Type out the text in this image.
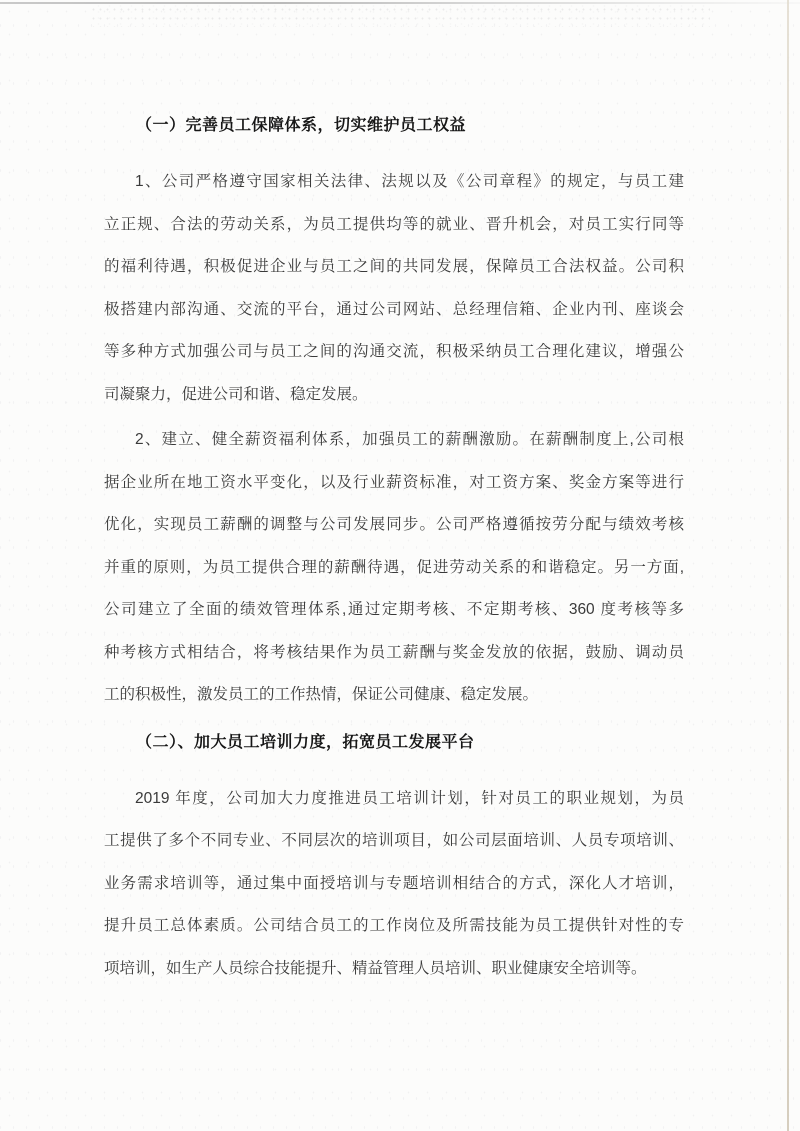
（一）完善员工保障体系，切实维护员工权益
1、公司严格遵守国家相关法律、法规以及《公司章程》的规定，与员工建
立正规、合法的劳动关系，为员工提供均等的就业、晋升机会，对员工实行同等
的福利待遇，积极促进企业与员工之间的共同发展，保障员工合法权益。公司积
极搭建内部沟通、交流的平台，通过公司网站、总经理信箱、企业内刊、座谈会
等多种方式加强公司与员工之间的沟通交流，积极采纳员工合理化建议，增强公
司凝聚力，促进公司和谐、稳定发展。
2、建立、健全薪资福利体系，加强员工的薪酬激励。在薪酬制度上,公司根
据企业所在地工资水平变化，以及行业薪资标准，对工资方案、奖金方案等进行
优化，实现员工薪酬的调整与公司发展同步。公司严格遵循按劳分配与绩效考核
并重的原则，为员工提供合理的薪酬待遇，促进劳动关系的和谐稳定。另一方面,
公司建立了全面的绩效管理体系,通过定期考核、不定期考核、360 度考核等多
种考核方式相结合，将考核结果作为员工薪酬与奖金发放的依据，鼓励、调动员
工的积极性，激发员工的工作热情，保证公司健康、稳定发展。
（二）、加大员工培训力度，拓宽员工发展平台
2019 年度，公司加大力度推进员工培训计划，针对员工的职业规划，为员
工提供了多个不同专业、不同层次的培训项目，如公司层面培训、人员专项培训、
业务需求培训等，通过集中面授培训与专题培训相结合的方式，深化人才培训，
提升员工总体素质。公司结合员工的工作岗位及所需技能为员工提供针对性的专
项培训，如生产人员综合技能提升、精益管理人员培训、职业健康安全培训等。
